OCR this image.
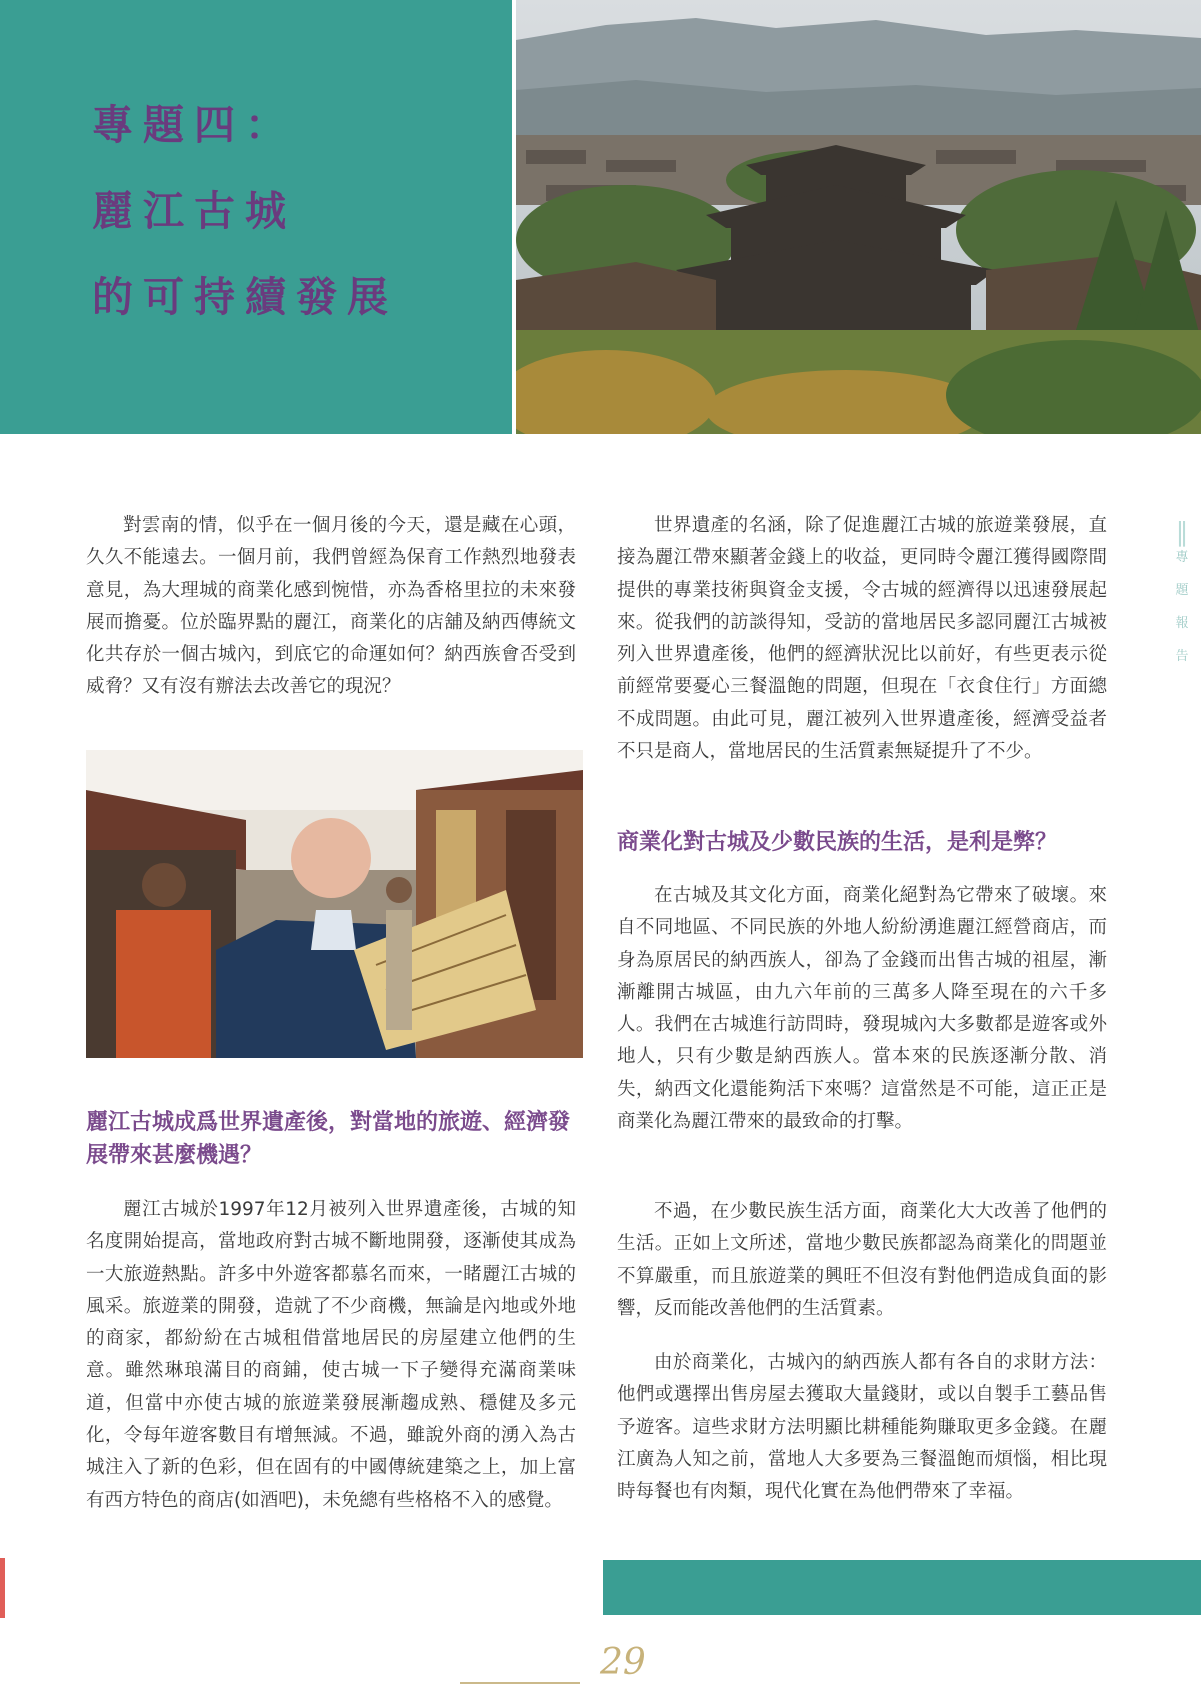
專題四：
麗江古城
的可持續發展

對雲南的情，似乎在一個月後的今天，還是藏在心頭，久久不能遠去。一個月前，我們曾經為保育工作熱烈地發表意見，為大理城的商業化感到惋惜，亦為香格里拉的未來發展而擔憂。位於臨界點的麗江，商業化的店舖及納西傳統文化共存於一個古城內，到底它的命運如何？納西族會否受到威脅？又有沒有辦法去改善它的現況？

麗江古城成爲世界遺產後，對當地的旅遊、經濟發展帶來甚麼機遇？

麗江古城於1997年12月被列入世界遺產後，古城的知名度開始提高，當地政府對古城不斷地開發，逐漸使其成為一大旅遊熱點。許多中外遊客都慕名而來，一睹麗江古城的風采。旅遊業的開發，造就了不少商機，無論是內地或外地的商家，都紛紛在古城租借當地居民的房屋建立他們的生意。雖然琳琅滿目的商鋪，使古城一下子變得充滿商業味道，但當中亦使古城的旅遊業發展漸趨成熟、穩健及多元化，令每年遊客數目有增無減。不過，雖說外商的湧入為古城注入了新的色彩，但在固有的中國傳統建築之上，加上富有西方特色的商店(如酒吧)，未免總有些格格不入的感覺。

世界遺產的名涵，除了促進麗江古城的旅遊業發展，直接為麗江帶來顯著金錢上的收益，更同時令麗江獲得國際間提供的專業技術與資金支援，令古城的經濟得以迅速發展起來。從我們的訪談得知，受訪的當地居民多認同麗江古城被列入世界遺產後，他們的經濟狀況比以前好，有些更表示從前經常要憂心三餐溫飽的問題，但現在「衣食住行」方面總不成問題。由此可見，麗江被列入世界遺產後，經濟受益者不只是商人，當地居民的生活質素無疑提升了不少。

商業化對古城及少數民族的生活，是利是弊？

在古城及其文化方面，商業化絕對為它帶來了破壞。來自不同地區、不同民族的外地人紛紛湧進麗江經營商店，而身為原居民的納西族人，卻為了金錢而出售古城的祖屋，漸漸離開古城區，由九六年前的三萬多人降至現在的六千多人。我們在古城進行訪問時，發現城內大多數都是遊客或外地人，只有少數是納西族人。當本來的民族逐漸分散、消失，納西文化還能夠活下來嗎？這當然是不可能，這正正是商業化為麗江帶來的最致命的打擊。

不過，在少數民族生活方面，商業化大大改善了他們的生活。正如上文所述，當地少數民族都認為商業化的問題並不算嚴重，而且旅遊業的興旺不但沒有對他們造成負面的影響，反而能改善他們的生活質素。

由於商業化，古城內的納西族人都有各自的求財方法：他們或選擇出售房屋去獲取大量錢財，或以自製手工藝品售予遊客。這些求財方法明顯比耕種能夠賺取更多金錢。在麗江廣為人知之前，當地人大多要為三餐溫飽而煩惱，相比現時每餐也有肉類，現代化實在為他們帶來了幸福。

∥
專
題
報
告
29
